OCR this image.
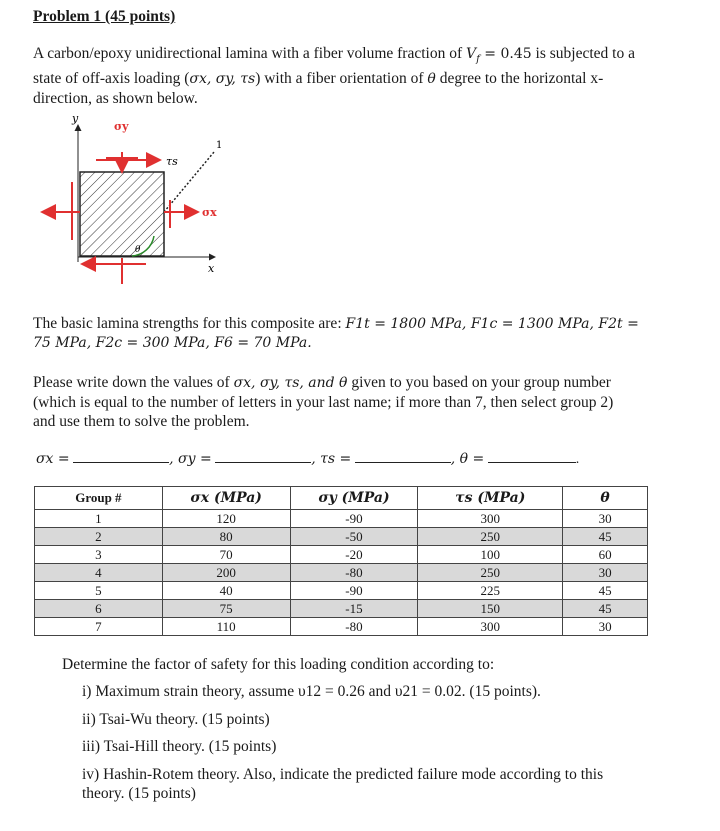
Problem 1 (45 points)
A carbon/epoxy unidirectional lamina with a fiber volume fraction of $V_f = 0.45$ is subjected to a
state of off-axis loading (σx, σy, τs) with a fiber orientation of θ degree to the horizontal x-
direction, as shown below.
y
x
1
θ
σy
τs
σx
The basic lamina strengths for this composite are: F1t = 1800 MPa, F1c = 1300 MPa, F2t =
75 MPa, F2c = 300 MPa, F6 = 70 MPa.
Please write down the values of σx, σy, τs, and θ given to you based on your group number
(which is equal to the number of letters in your last name; if more than 7, then select group 2)
and use them to solve the problem.
σx =	, σy =	, τs =	, θ =	.
Group #	σx (MPa)	σy (MPa)	τs (MPa)	θ
1	120	-90	300	30
2	80	-50	250	45
3	70	-20	100	60
4	200	-80	250	30
5	40	-90	225	45
6	75	-15	150	45
7	110	-80	300	30
Determine the factor of safety for this loading condition according to:
i) Maximum strain theory, assume υ12 = 0.26 and υ21 = 0.02. (15 points).
ii) Tsai-Wu theory. (15 points)
iii) Tsai-Hill theory. (15 points)
iv) Hashin-Rotem theory. Also, indicate the predicted failure mode according to this
theory. (15 points)
